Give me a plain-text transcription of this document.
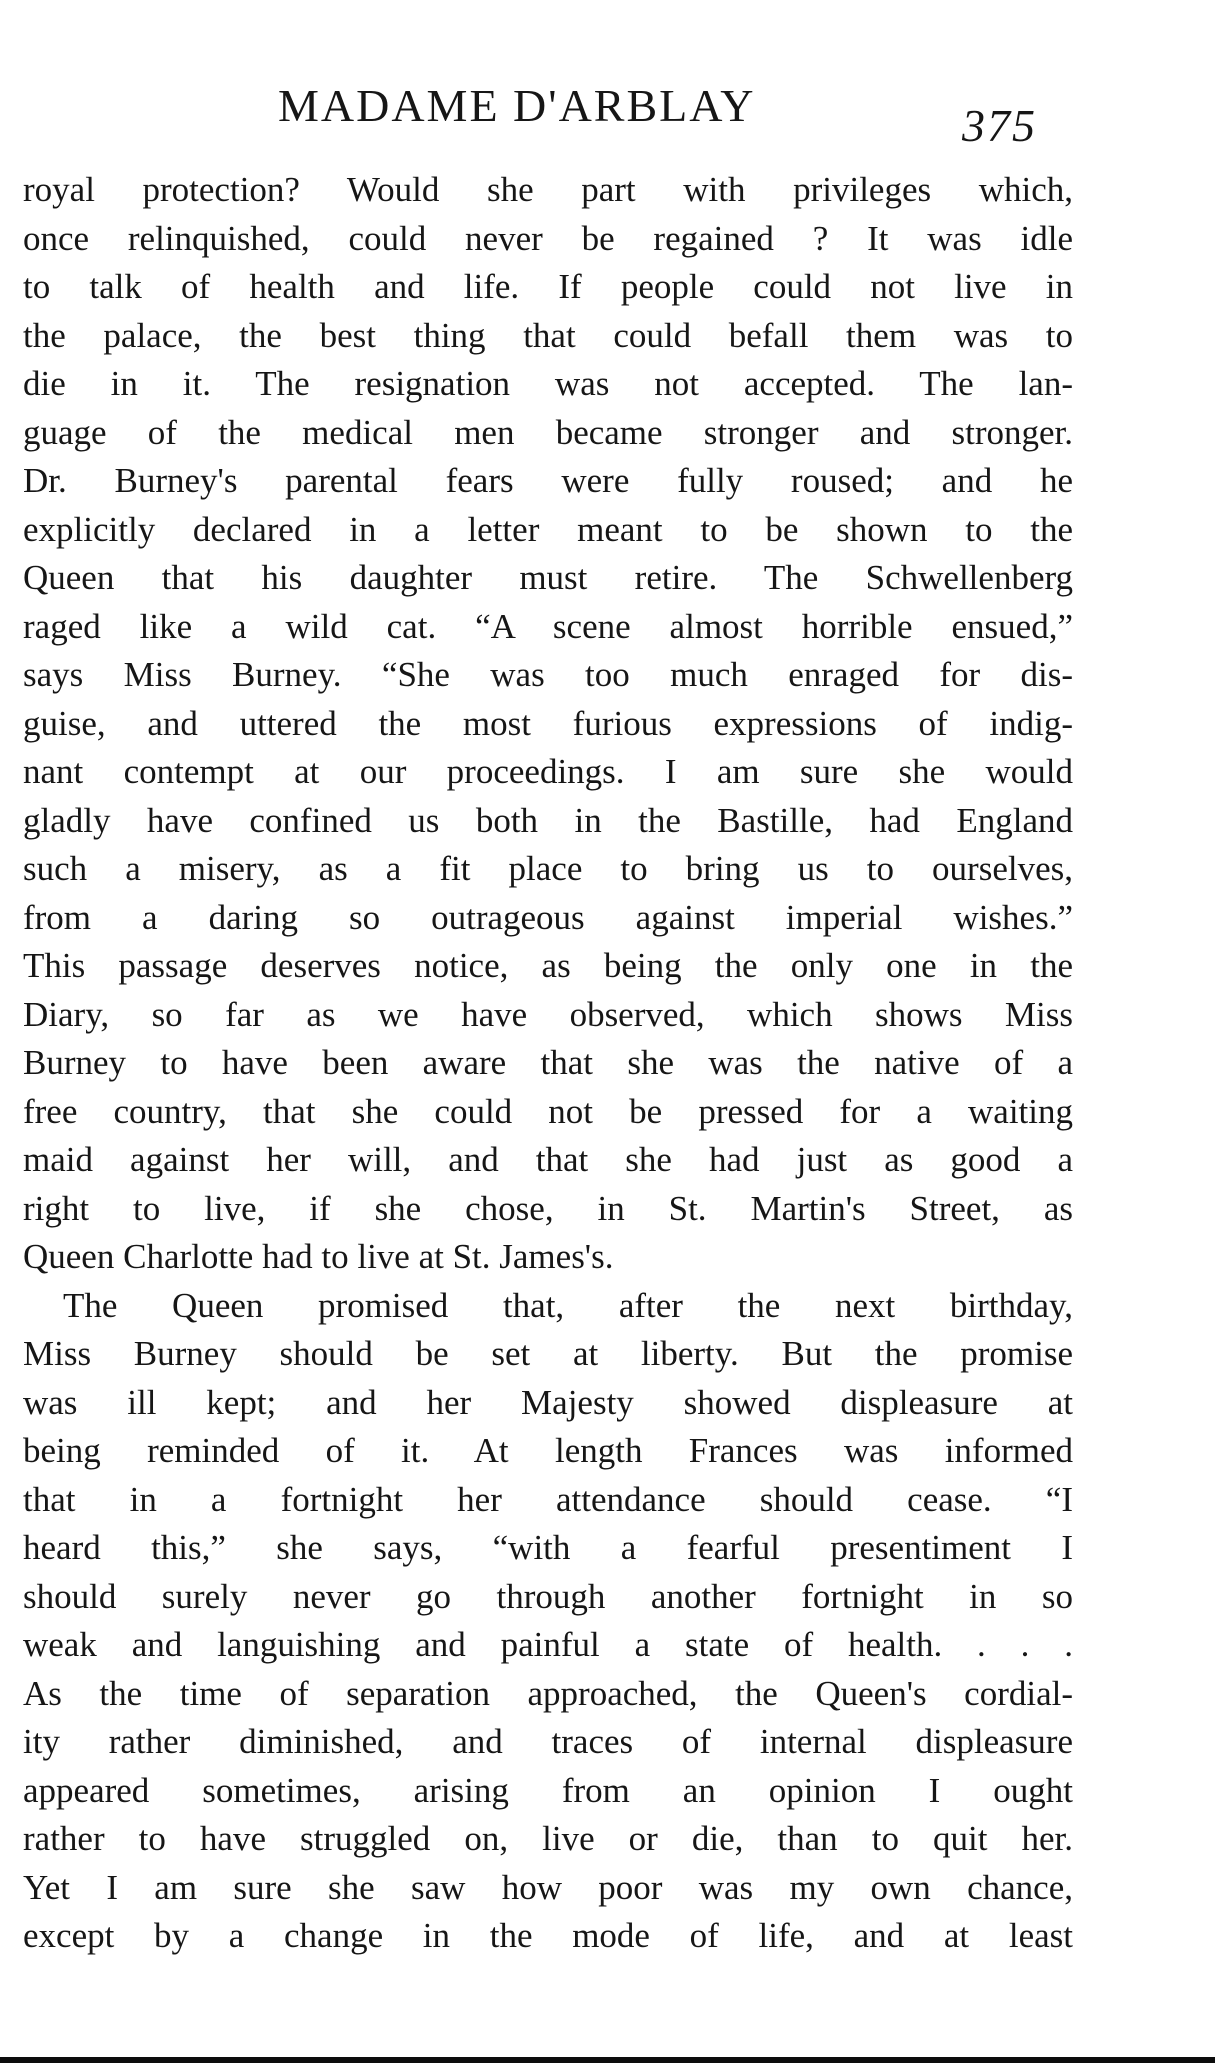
MADAME D'ARBLAY	375
royal protection? Would she part with privileges which,
once relinquished, could never be regained ? It was idle
to talk of health and life. If people could not live in
the palace, the best thing that could befall them was to
die in it. The resignation was not accepted. The lan-
guage of the medical men became stronger and stronger.
Dr. Burney's parental fears were fully roused; and he
explicitly declared in a letter meant to be shown to the
Queen that his daughter must retire. The Schwellenberg
raged like a wild cat. “A scene almost horrible ensued,”
says Miss Burney. “She was too much enraged for dis-
guise, and uttered the most furious expressions of indig-
nant contempt at our proceedings. I am sure she would
gladly have confined us both in the Bastille, had England
such a misery, as a fit place to bring us to ourselves,
from a daring so outrageous against imperial wishes.”
This passage deserves notice, as being the only one in the
Diary, so far as we have observed, which shows Miss
Burney to have been aware that she was the native of a
free country, that she could not be pressed for a waiting
maid against her will, and that she had just as good a
right to live, if she chose, in St. Martin's Street, as
Queen Charlotte had to live at St. James's.
The Queen promised that, after the next birthday,
Miss Burney should be set at liberty. But the promise
was ill kept; and her Majesty showed displeasure at
being reminded of it. At length Frances was informed
that in a fortnight her attendance should cease. “I
heard this,” she says, “with a fearful presentiment I
should surely never go through another fortnight in so
weak and languishing and painful a state of health. . . .
As the time of separation approached, the Queen's cordial-
ity rather diminished, and traces of internal displeasure
appeared sometimes, arising from an opinion I ought
rather to have struggled on, live or die, than to quit her.
Yet I am sure she saw how poor was my own chance,
except by a change in the mode of life, and at least
